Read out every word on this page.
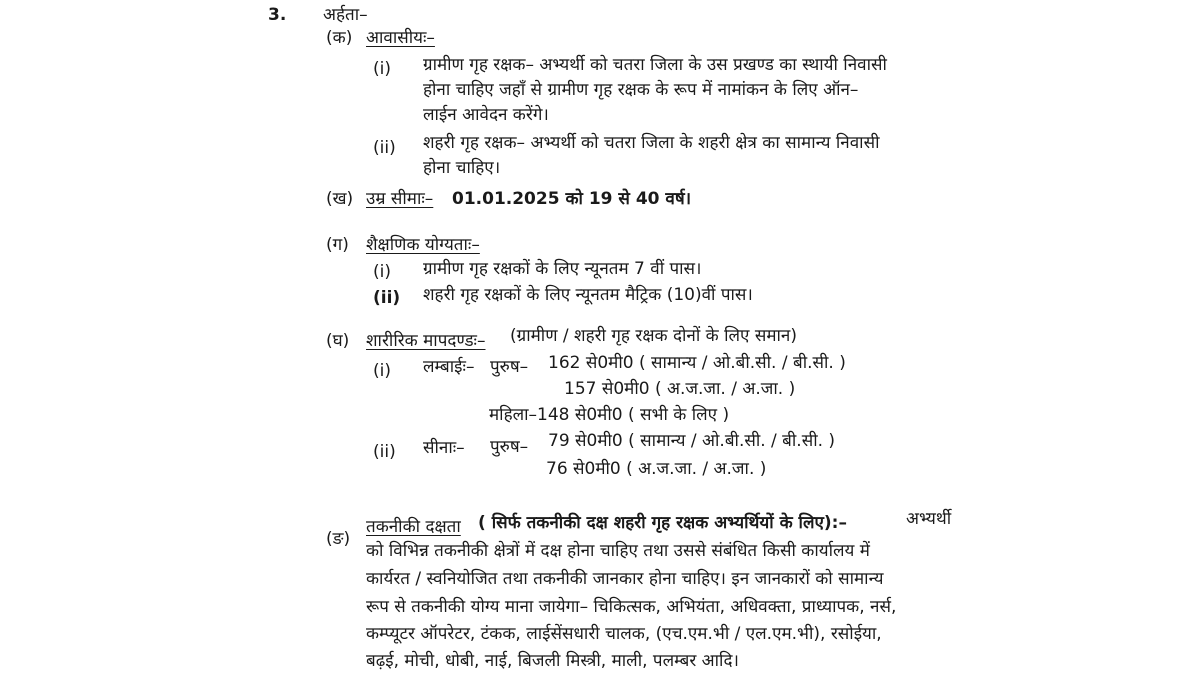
3. अर्हता–
(क) आवासीयः–
(i) ग्रामीण गृह रक्षक– अभ्यर्थी को चतरा जिला के उस प्रखण्ड का स्थायी निवासी
होना चाहिए जहाँ से ग्रामीण गृह रक्षक के रूप में नामांकन के लिए ऑन–
लाईन आवेदन करेंगे।
(ii) शहरी गृह रक्षक– अभ्यर्थी को चतरा जिला के शहरी क्षेत्र का सामान्य निवासी
होना चाहिए।
(ख) उम्र सीमाः– 01.01.2025 को 19 से 40 वर्ष।
(ग) शैक्षणिक योग्यताः–
(i) ग्रामीण गृह रक्षकों के लिए न्यूनतम 7 वीं पास।
(ii) शहरी गृह रक्षकों के लिए न्यूनतम मैट्रिक (10)वीं पास।
(घ) शारीरिक मापदण्डः– (ग्रामीण / शहरी गृह रक्षक दोनों के लिए समान)
(i) लम्बाईः– पुरुष– 162 से0मी0 ( सामान्य / ओ.बी.सी. / बी.सी. )
157 से0मी0 ( अ.ज.जा. / अ.जा. )
महिला–148 से0मी0 ( सभी के लिए )
(ii) सीनाः– पुरुष– 79 से0मी0 ( सामान्य / ओ.बी.सी. / बी.सी. )
76 से0मी0 ( अ.ज.जा. / अ.जा. )
(ङ)
तकनीकी दक्षता ( सिर्फ तकनीकी दक्ष शहरी गृह रक्षक अभ्यर्थियों के लिए):–	अभ्यर्थी
को विभिन्न तकनीकी क्षेत्रों में दक्ष होना चाहिए तथा उससे संबंधित किसी कार्यालय में
कार्यरत / स्वनियोजित तथा तकनीकी जानकार होना चाहिए। इन जानकारों को सामान्य
रूप से तकनीकी योग्य माना जायेगा– चिकित्सक, अभियंता, अधिवक्ता, प्राध्यापक, नर्स,
कम्प्यूटर ऑपरेटर, टंकक, लाईसेंसधारी चालक, (एच.एम.भी / एल.एम.भी), रसोईया,
बढ़ई, मोची, धोबी, नाई, बिजली मिस्त्री, माली, पलम्बर आदि।
